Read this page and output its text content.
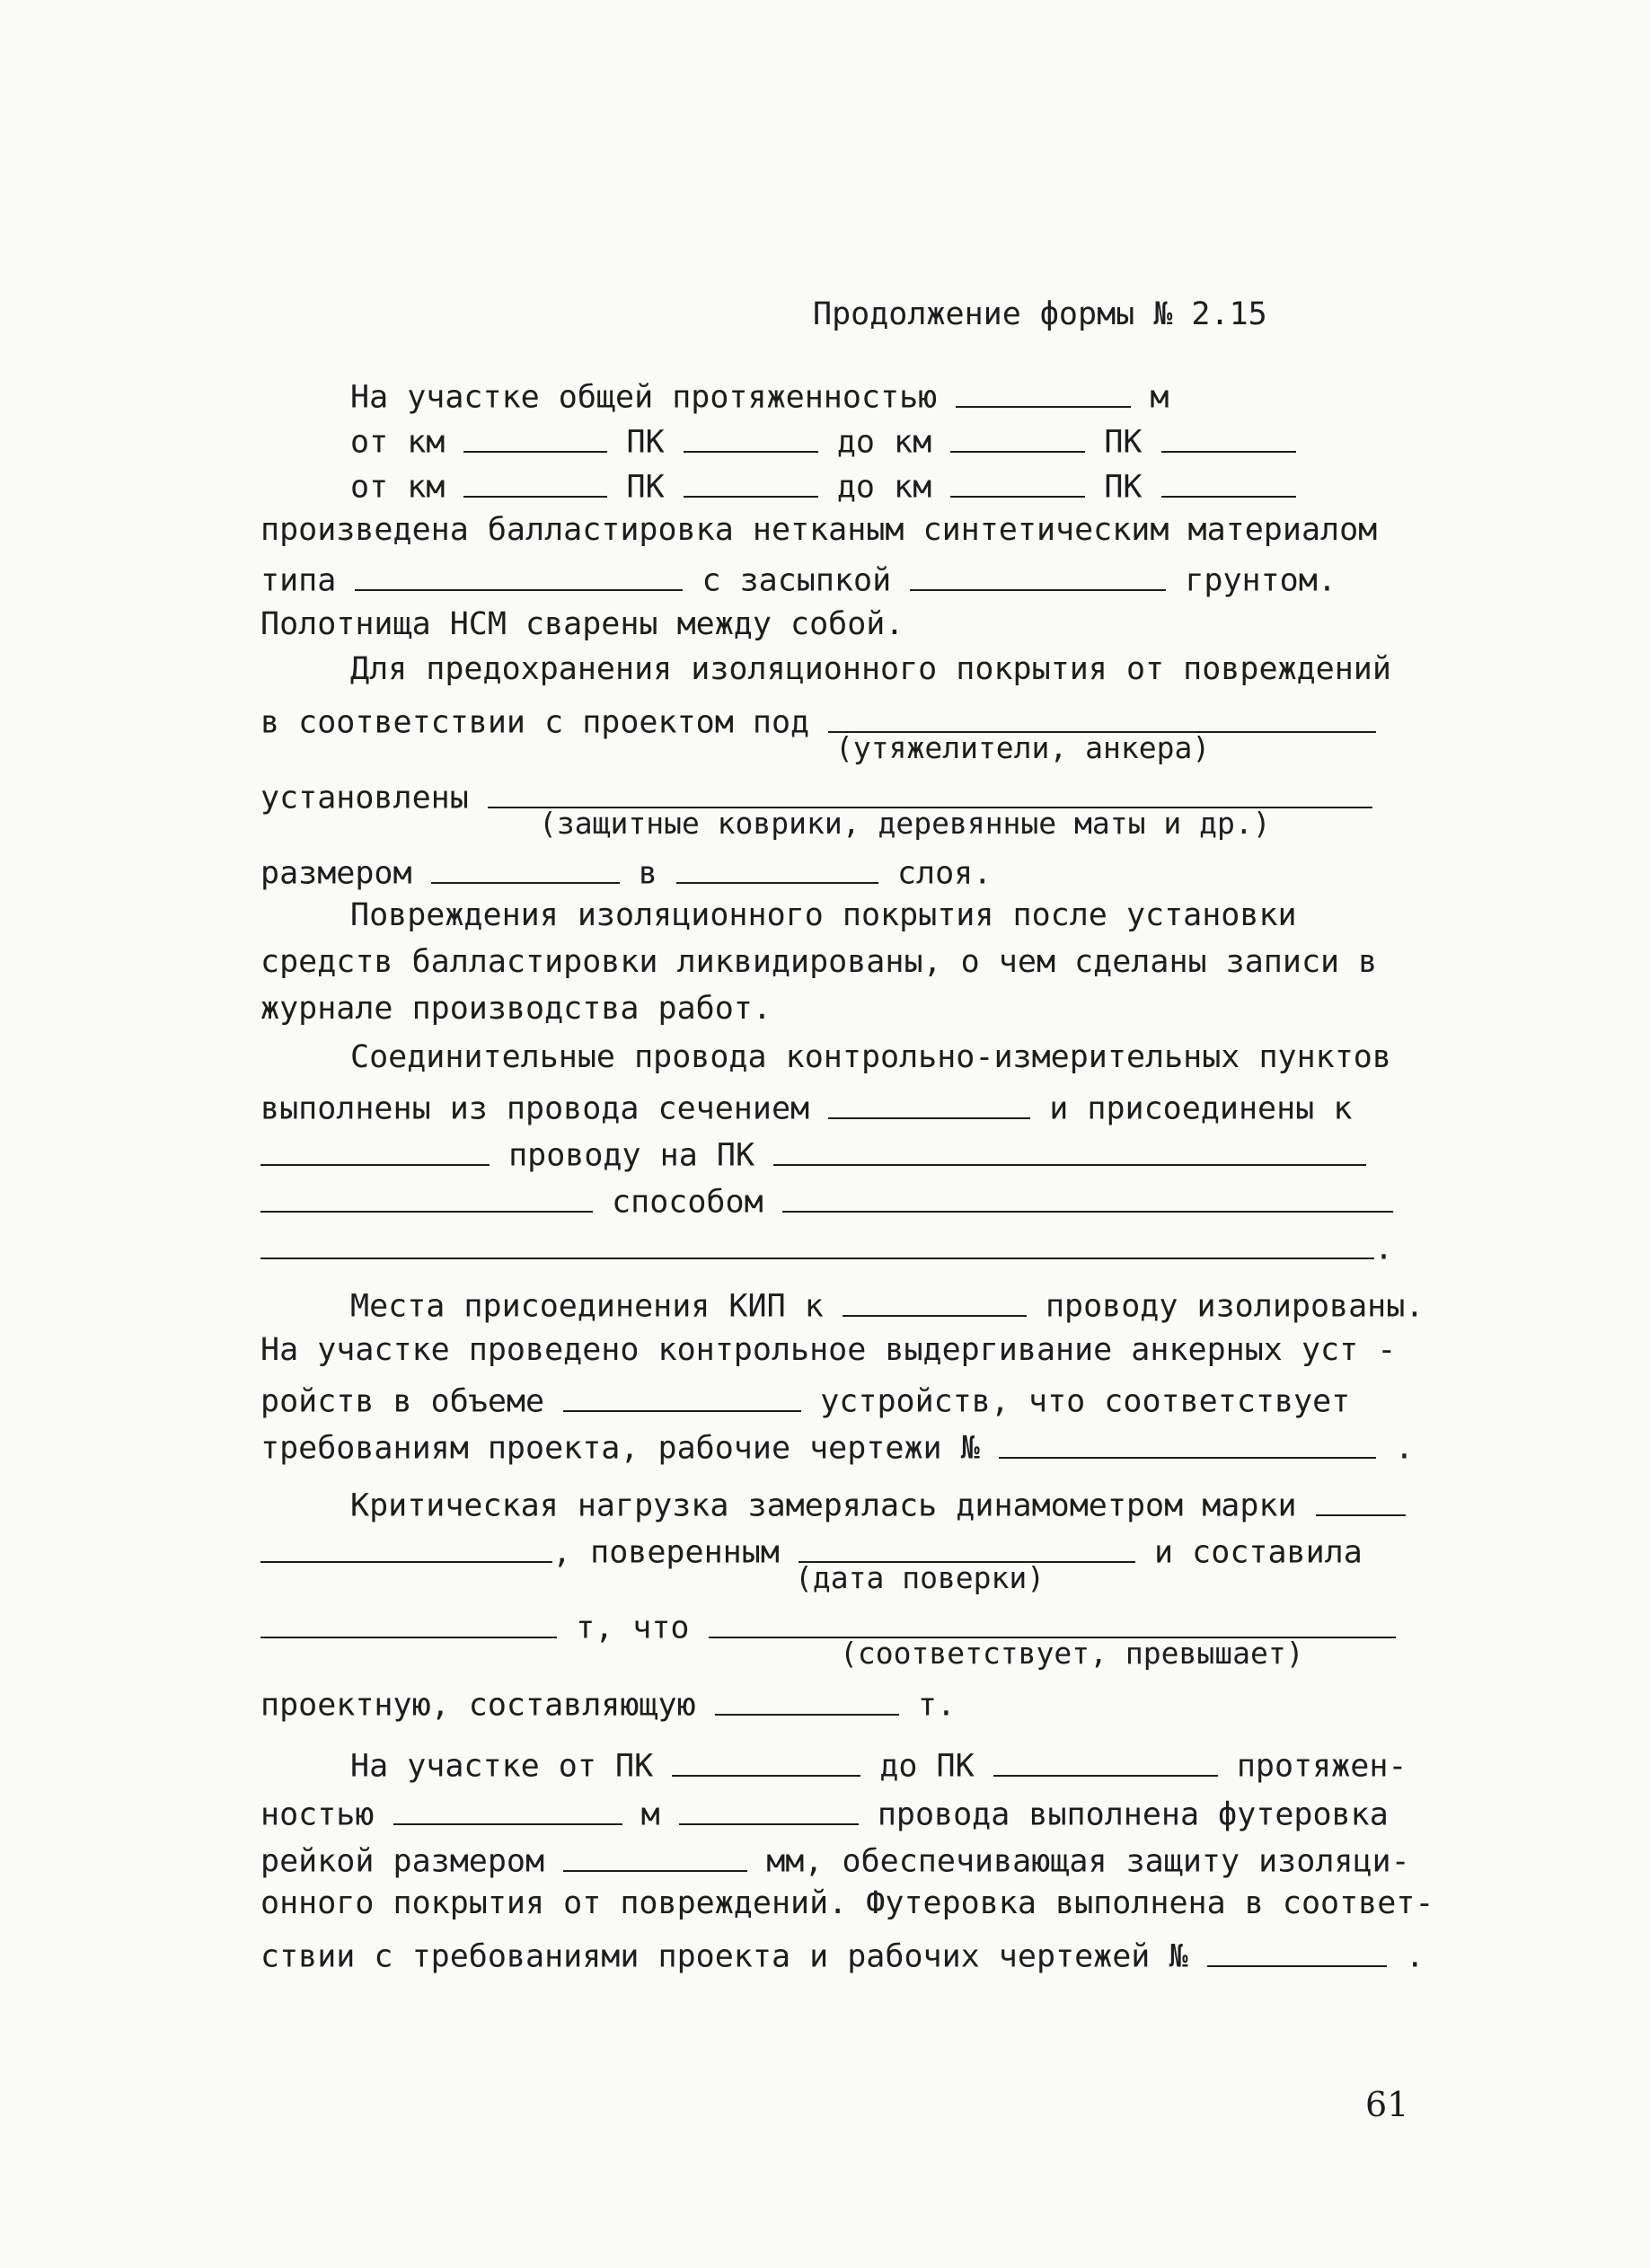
Продолжение формы № 2.15
На участке общей протяженностью	м
от км	ПК	до км	ПК
от км	ПК	до км	ПК
произведена балластировка нетканым синтетическим материалом
типа	с засыпкой	грунтом.
Полотнища НСМ сварены между собой.
Для предохранения изоляционного покрытия от повреждений
в соответствии с проектом под
(утяжелители, анкера)
установлены
(защитные коврики, деревянные маты и др.)
размером	в	слоя.
Повреждения изоляционного покрытия после установки
средств балластировки ликвидированы, о чем сделаны записи в
журнале производства работ.
Соединительные провода контрольно-измерительных пунктов
выполнены из провода сечением	и присоединены к
проводу на ПК
способом
.
Места присоединения КИП к	проводу изолированы.
На участке проведено контрольное выдергивание анкерных уст -
ройств в объеме	устройств, что соответствует
требованиям проекта, рабочие чертежи №	.
Критическая нагрузка замерялась динамометром марки
, поверенным	и составила
(дата поверки)
т, что
(соответствует, превышает)
проектную, составляющую	т.
На участке от ПК	до ПК	протяжен-
ностью	м	провода выполнена футеровка
рейкой размером	мм, обеспечивающая защиту изоляци-
онного покрытия от повреждений. Футеровка выполнена в соответ-
ствии с требованиями проекта и рабочих чертежей №	.
61
